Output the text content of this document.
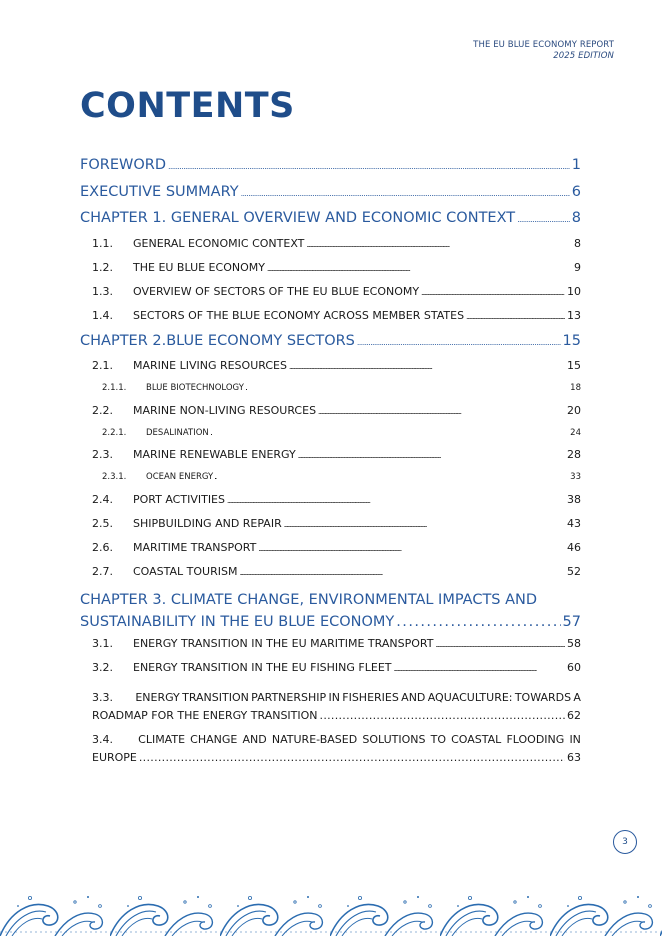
THE EU BLUE ECONOMY REPORT
2025 EDITION
CONTENTS
FOREWORD . . .	1
EXECUTIVE SUMMARY . . .	6
CHAPTER 1. GENERAL OVERVIEW AND ECONOMIC CONTEXT . . .	8
1.1.	GENERAL ECONOMIC CONTEXT . . .	8
1.2.	THE EU BLUE ECONOMY . . .	9
1.3.	OVERVIEW OF SECTORS OF THE EU BLUE ECONOMY . . .	10
1.4.	SECTORS OF THE BLUE ECONOMY ACROSS MEMBER STATES . . .	13
CHAPTER 2.BLUE ECONOMY SECTORS . . .	15
2.1.	MARINE LIVING RESOURCES . . .	15
2.1.1.	BLUE BIOTECHNOLOGY . . .	18
2.2.	MARINE NON-LIVING RESOURCES . . .	20
2.2.1.	DESALINATION . . .	24
2.3.	MARINE RENEWABLE ENERGY . . .	28
2.3.1.	OCEAN ENERGY . . .	33
2.4.	PORT ACTIVITIES . . .	38
2.5.	SHIPBUILDING AND REPAIR . . .	43
2.6.	MARITIME TRANSPORT . . .	46
2.7.	COASTAL TOURISM . . .	52
CHAPTER 3. CLIMATE CHANGE, ENVIRONMENTAL IMPACTS AND
SUSTAINABILITY IN THE EU BLUE ECONOMY . . .	57
3.1.	ENERGY TRANSITION IN THE EU MARITIME TRANSPORT . . .	58
3.2.	ENERGY TRANSITION IN THE EU FISHING FLEET . . .	60
3.3.	ENERGY TRANSITION PARTNERSHIP IN FISHERIES AND AQUACULTURE: TOWARDS A
ROADMAP FOR THE ENERGY TRANSITION . . .	62
3.4.	CLIMATE CHANGE AND NATURE-BASED SOLUTIONS TO COASTAL FLOODING IN
EUROPE . . .	63
3
